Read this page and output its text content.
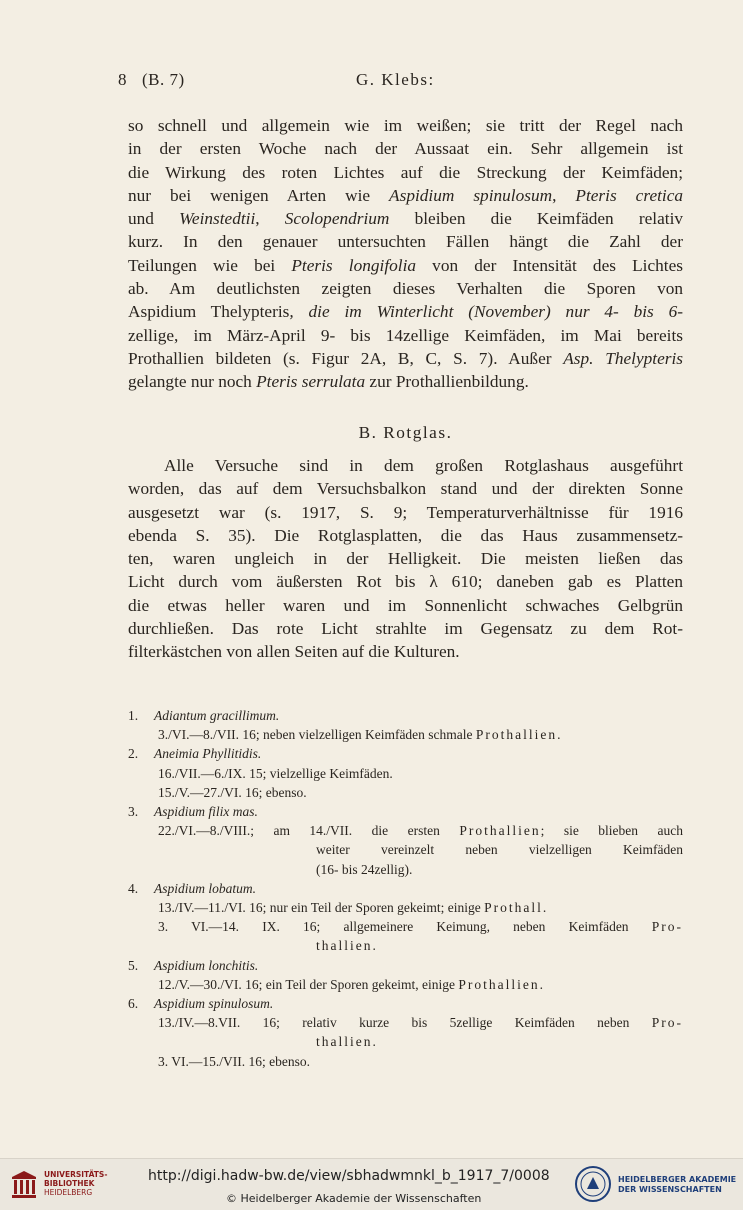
8 (B. 7)	G. Klebs:
so schnell und allgemein wie im weißen; sie tritt der Regel nach
in der ersten Woche nach der Aussaat ein. Sehr allgemein ist
die Wirkung des roten Lichtes auf die Streckung der Keimfäden;
nur bei wenigen Arten wie Aspidium spinulosum, Pteris cretica
und Weinstedtii, Scolopendrium bleiben die Keimfäden relativ
kurz. In den genauer untersuchten Fällen hängt die Zahl der
Teilungen wie bei Pteris longifolia von der Intensität des Lichtes
ab. Am deutlichsten zeigten dieses Verhalten die Sporen von
Aspidium Thelypteris, die im Winterlicht (November) nur 4- bis 6-
zellige, im März-April 9- bis 14zellige Keimfäden, im Mai bereits
Prothallien bildeten (s. Figur 2A, B, C, S. 7). Außer Asp. Thelypteris
gelangte nur noch Pteris serrulata zur Prothallienbildung.
B. Rotglas.
Alle Versuche sind in dem großen Rotglashaus ausgeführt
worden, das auf dem Versuchsbalkon stand und der direkten Sonne
ausgesetzt war (s. 1917, S. 9; Temperaturverhältnisse für 1916
ebenda S. 35). Die Rotglasplatten, die das Haus zusammensetz-
ten, waren ungleich in der Helligkeit. Die meisten ließen das
Licht durch vom äußersten Rot bis λ 610; daneben gab es Platten
die etwas heller waren und im Sonnenlicht schwaches Gelbgrün
durchließen. Das rote Licht strahlte im Gegensatz zu dem Rot-
filterkästchen von allen Seiten auf die Kulturen.
1. Adiantum gracillimum.
3./VI.—8./VII. 16; neben vielzelligen Keimfäden schmale Prothallien.
2. Aneimia Phyllitidis.
16./VII.—6./IX. 15; vielzellige Keimfäden.
15./V.—27./VI. 16; ebenso.
3. Aspidium filix mas.
22./VI.—8./VIII.; am 14./VII. die ersten Prothallien; sie blieben auch
weiter vereinzelt neben vielzelligen Keimfäden
(16- bis 24zellig).
4. Aspidium lobatum.
13./IV.—11./VI. 16; nur ein Teil der Sporen gekeimt; einige Prothall.
3. VI.—14. IX. 16; allgemeinere Keimung, neben Keimfäden Pro-
thallien.
5. Aspidium lonchitis.
12./V.—30./VI. 16; ein Teil der Sporen gekeimt, einige Prothallien.
6. Aspidium spinulosum.
13./IV.—8.VII. 16; relativ kurze bis 5zellige Keimfäden neben Pro-
thallien.
3. VI.—15./VII. 16; ebenso.
UNIVERSITÄTS-
BIBLIOTHEK
HEIDELBERG
http://digi.hadw-bw.de/view/sbhadwmnkl_b_1917_7/0008
© Heidelberger Akademie der Wissenschaften
HEIDELBERGER AKADEMIE
DER WISSENSCHAFTEN
